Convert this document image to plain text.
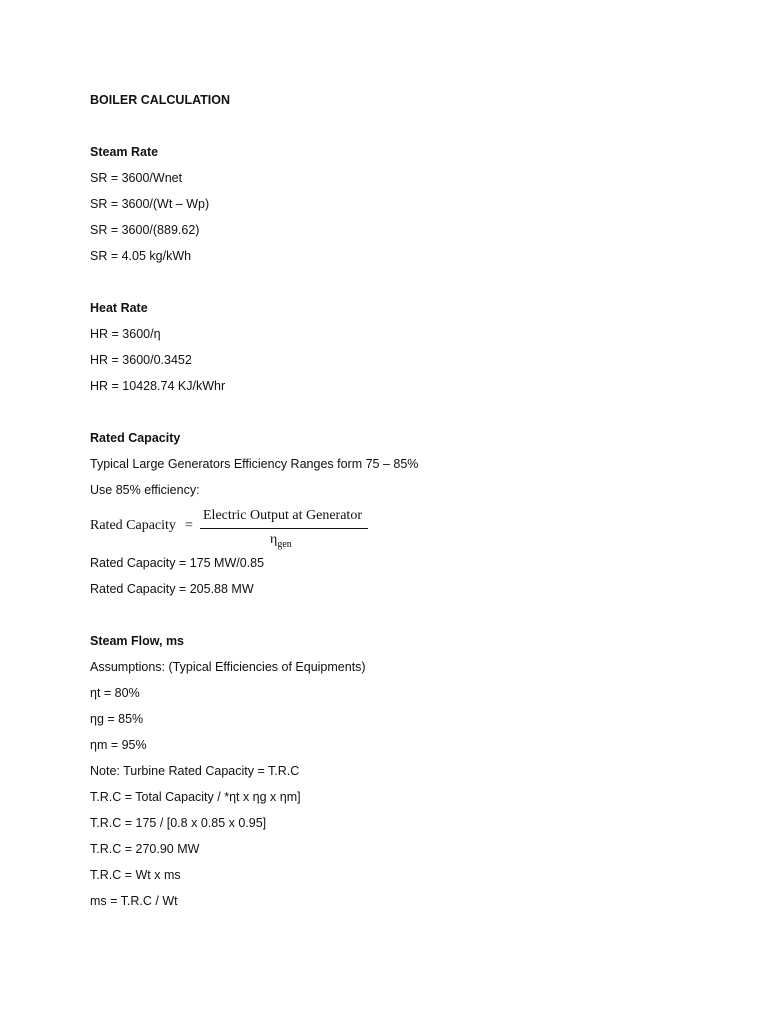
BOILER CALCULATION
Steam Rate
SR = 3600/Wnet
SR = 3600/(Wt – Wp)
SR = 3600/(889.62)
SR = 4.05 kg/kWh
Heat Rate
HR = 3600/η
HR = 3600/0.3452
HR = 10428.74 KJ/kWhr
Rated Capacity
Typical Large Generators Efficiency Ranges form 75 – 85%
Use 85% efficiency:
Rated Capacity =
Electric Output at Generator
$\eta_{gen}$
Rated Capacity = 175 MW/0.85
Rated Capacity = 205.88 MW
Steam Flow, ms
Assumptions: (Typical Efficiencies of Equipments)
ηt = 80%
ηg = 85%
ηm = 95%
Note: Turbine Rated Capacity = T.R.C
T.R.C = Total Capacity / *ηt x ηg x ηm]
T.R.C = 175 / [0.8 x 0.85 x 0.95]
T.R.C = 270.90 MW
T.R.C = Wt x ms
ms = T.R.C / Wt
